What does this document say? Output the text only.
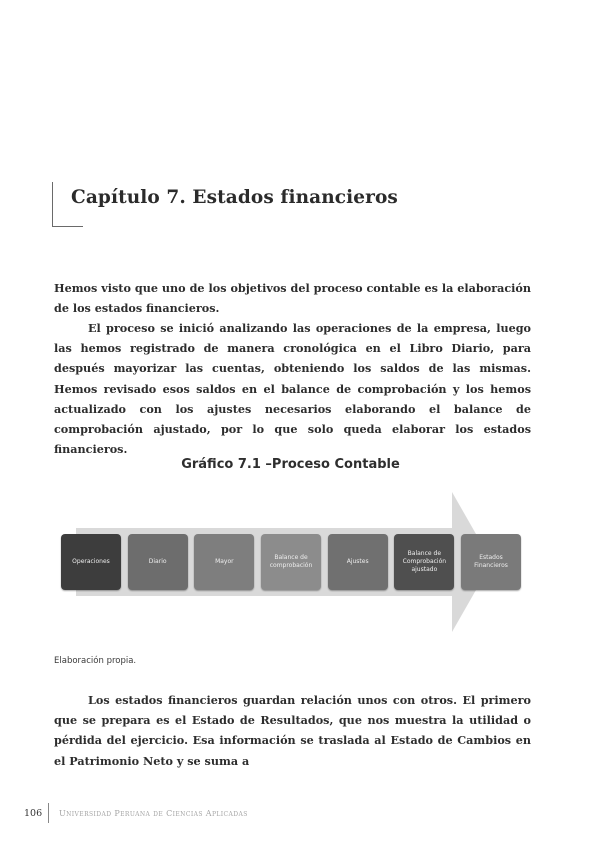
Capítulo 7. Estados financieros

Hemos visto que uno de los objetivos del proceso contable es la elaboración de los estados financieros.

El proceso se inició analizando las operaciones de la empresa, luego las hemos registrado de manera cronológica en el Libro Diario, para después mayorizar las cuentas, obteniendo los saldos de las mismas. Hemos revisado esos saldos en el balance de comprobación y los hemos actualizado con los ajustes necesarios elaborando el balance de comprobación ajustado, por lo que solo queda elaborar los estados financieros.

Gráfico 7.1 –Proceso Contable
Operaciones	Diario	Mayor
Balance de comprobación
Ajustes
Balance de Comprobación ajustado
Estados Financieros
Elaboración propia.

Los estados financieros guardan relación unos con otros. El primero que se prepara es el Estado de Resultados, que nos muestra la utilidad o pérdida del ejercicio. Esa información se traslada al Estado de Cambios en el Patrimonio Neto y se suma a

106 Universidad Peruana de Ciencias Aplicadas
